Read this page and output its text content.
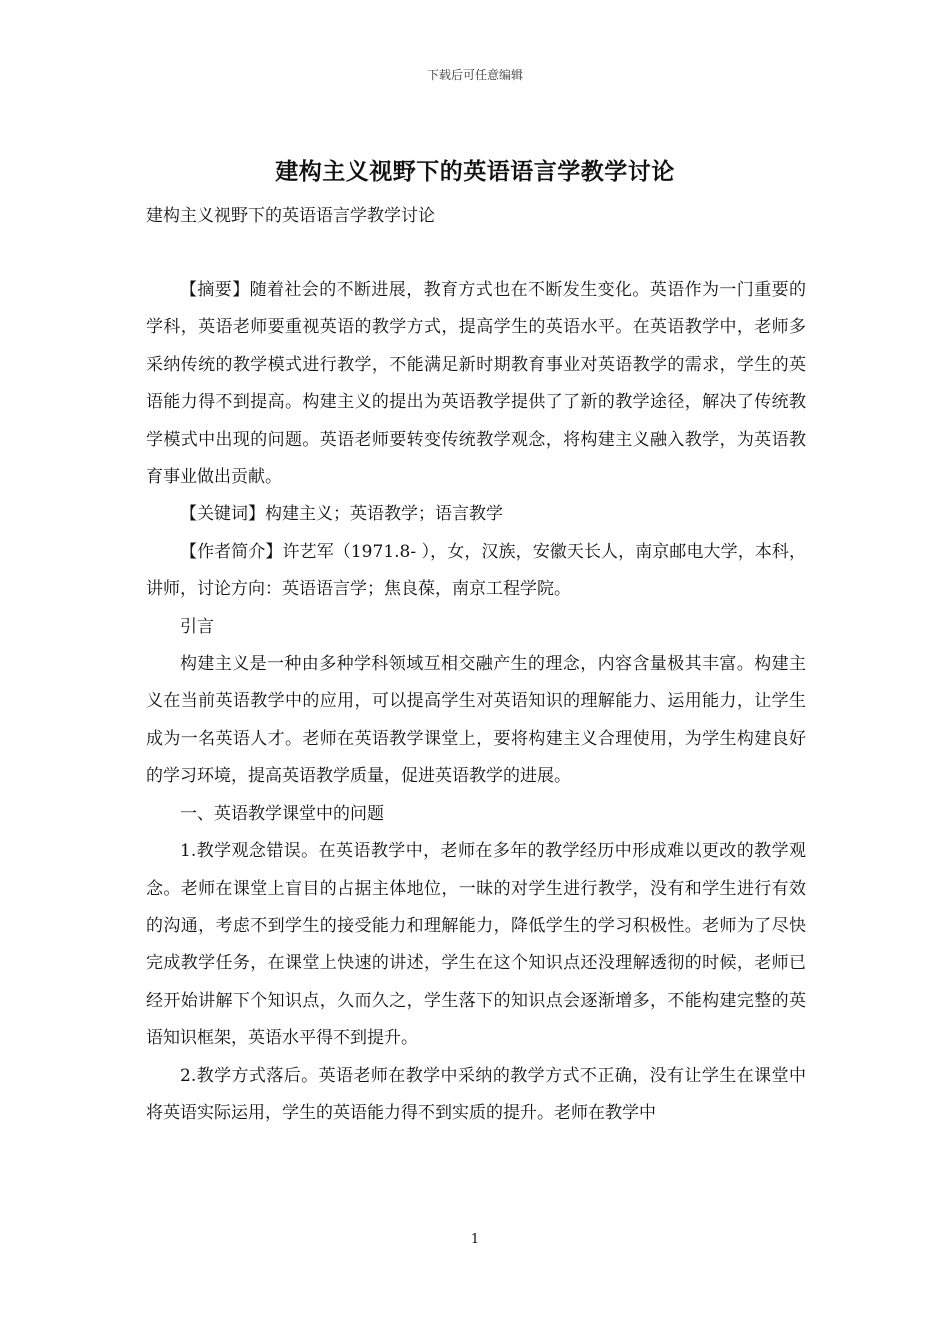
下载后可任意编辑
建构主义视野下的英语语言学教学讨论
建构主义视野下的英语语言学教学讨论

【摘要】随着社会的不断进展，教育方式也在不断发生变化。英语作为一门重要的学科，英语老师要重视英语的教学方式，提高学生的英语水平。在英语教学中，老师多采纳传统的教学模式进行教学，不能满足新时期教育事业对英语教学的需求，学生的英语能力得不到提高。构建主义的提出为英语教学提供了了新的教学途径，解决了传统教学模式中出现的问题。英语老师要转变传统教学观念，将构建主义融入教学，为英语教育事业做出贡献。

【关键词】构建主义；英语教学；语言教学

【作者简介】许艺军（1971.8- ），女，汉族，安徽天长人，南京邮电大学，本科，讲师，讨论方向：英语语言学；焦良葆，南京工程学院。

引言

构建主义是一种由多种学科领域互相交融产生的理念，内容含量极其丰富。构建主义在当前英语教学中的应用，可以提高学生对英语知识的理解能力、运用能力，让学生成为一名英语人才。老师在英语教学课堂上，要将构建主义合理使用，为学生构建良好的学习环境，提高英语教学质量，促进英语教学的进展。

一、英语教学课堂中的问题

1.教学观念错误。在英语教学中，老师在多年的教学经历中形成难以更改的教学观念。老师在课堂上盲目的占据主体地位，一昧的对学生进行教学，没有和学生进行有效的沟通，考虑不到学生的接受能力和理解能力，降低学生的学习积极性。老师为了尽快完成教学任务，在课堂上快速的讲述，学生在这个知识点还没理解透彻的时候，老师已经开始讲解下个知识点，久而久之，学生落下的知识点会逐渐增多，不能构建完整的英语知识框架，英语水平得不到提升。

2.教学方式落后。英语老师在教学中采纳的教学方式不正确，没有让学生在课堂中将英语实际运用，学生的英语能力得不到实质的提升。老师在教学中

1
